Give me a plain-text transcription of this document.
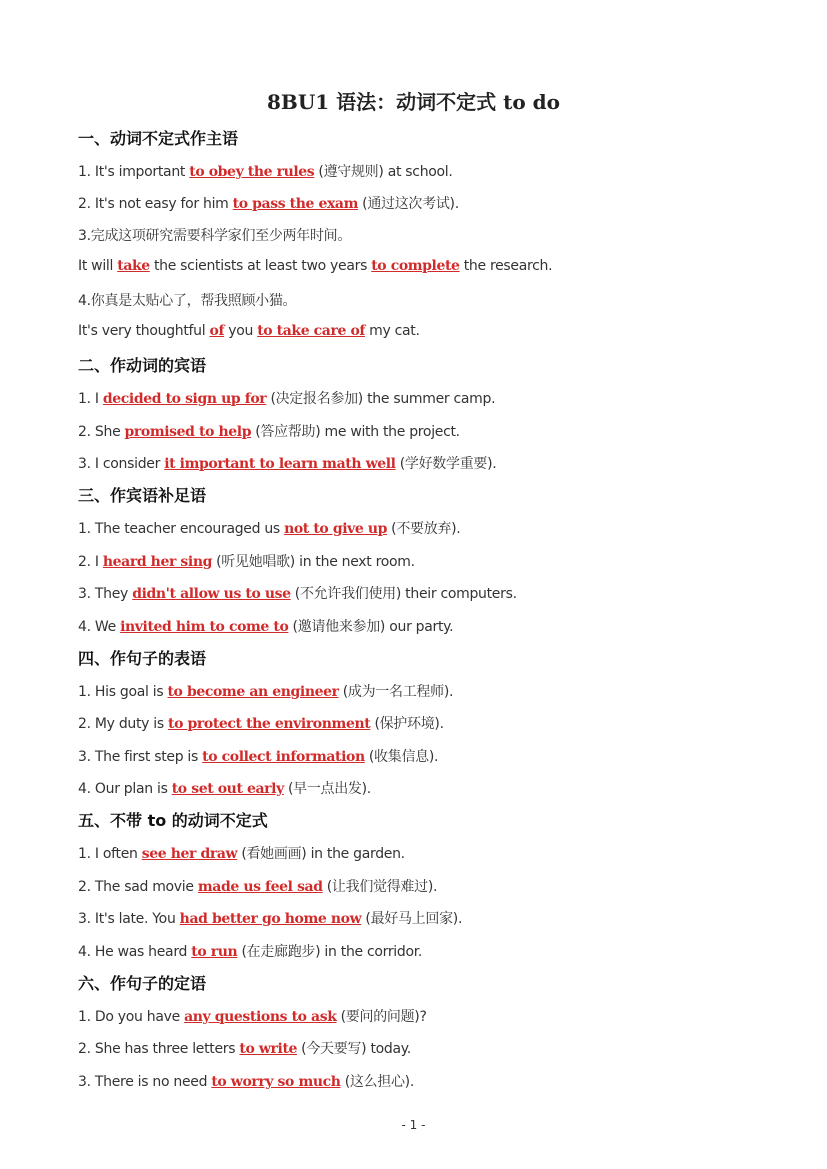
8BU1 语法：动词不定式 to do
一、动词不定式作主语
1. It's important to obey the rules (遵守规则) at school.
2. It's not easy for him to pass the exam (通过这次考试).
3.完成这项研究需要科学家们至少两年时间。
It will take the scientists at least two years to complete the research.
4.你真是太贴心了，帮我照顾小猫。
It's very thoughtful of you to take care of my cat.
二、作动词的宾语
1. I decided to sign up for (决定报名参加) the summer camp.
2. She promised to help (答应帮助) me with the project.
3. I consider it important to learn math well (学好数学重要).
三、作宾语补足语
1. The teacher encouraged us not to give up (不要放弃).
2. I heard her sing (听见她唱歌) in the next room.
3. They didn't allow us to use (不允许我们使用) their computers.
4. We invited him to come to (邀请他来参加) our party.
四、作句子的表语
1. His goal is to become an engineer (成为一名工程师).
2. My duty is to protect the environment (保护环境).
3. The first step is to collect information (收集信息).
4. Our plan is to set out early (早一点出发).
五、不带 to 的动词不定式
1. I often see her draw (看她画画) in the garden.
2. The sad movie made us feel sad (让我们觉得难过).
3. It's late. You had better go home now (最好马上回家).
4. He was heard to run (在走廊跑步) in the corridor.
六、作句子的定语
1. Do you have any questions to ask (要问的问题)?
2. She has three letters to write (今天要写) today.
3. There is no need to worry so much (这么担心).
- 1 -
